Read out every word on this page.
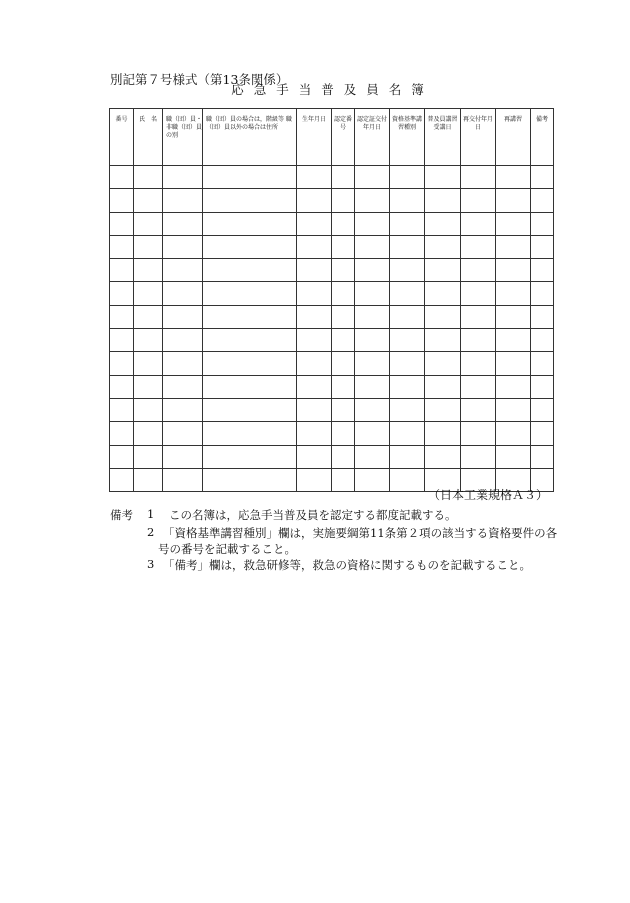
別記第７号様式（第13条関係）
応急手当普及員名簿
番号	氏　名	職（団）員・非職（団）員の別	職（団）員の場合は，階級等 職（団）員以外の場合は住所	生年月日	認定番号	認定証交付年月日	資格基準講習種別	普及員講習受講日	再交付年月日	再講習	備考

（日本工業規格Ａ３）
備考 1 この名簿は，応急手当普及員を認定する都度記載する。
2 「資格基準講習種別」欄は，実施要綱第11条第２項の該当する資格要件の各
号の番号を記載すること。
3 「備考」欄は，救急研修等，救急の資格に関するものを記載すること。
